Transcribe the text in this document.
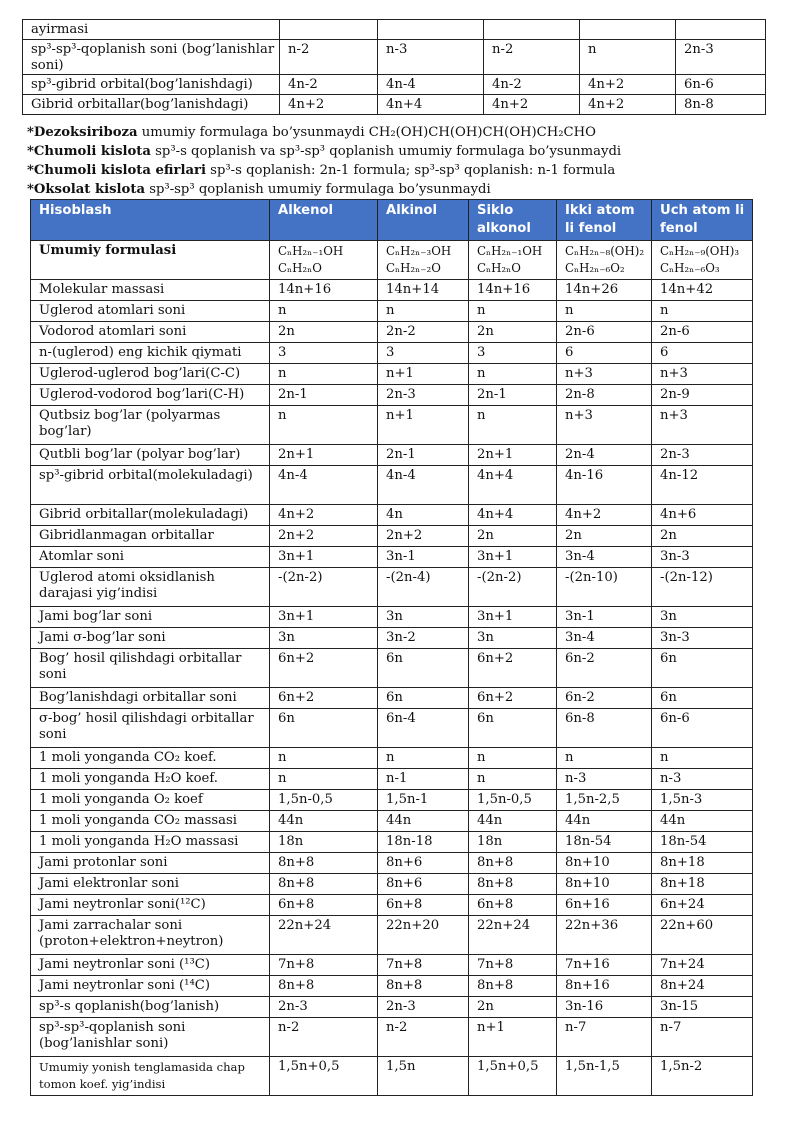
ayirmasi					
sp³-sp³-qoplanish soni (bog’lanishlar soni)	n-2	n-3	n-2	n	2n-3
sp³-gibrid orbital(bog’lanishdagi)	4n-2	4n-4	4n-2	4n+2	6n-6
Gibrid orbitallar(bog’lanishdagi)	4n+2	4n+4	4n+2	4n+2	8n-8
*Dezoksiriboza umumiy formulaga bo’ysunmaydi CH₂(OH)CH(OH)CH(OH)CH₂CHO
*Chumoli kislota sp³-s qoplanish va sp³-sp³ qoplanish umumiy formulaga bo’ysunmaydi
*Chumoli kislota efirlari sp³-s qoplanish: 2n-1 formula; sp³-sp³ qoplanish: n-1 formula
*Oksolat kislota sp³-sp³ qoplanish umumiy formulaga bo’ysunmaydi
Hisoblash	Alkenol	Alkinol	Siklo alkonol	Ikki atom li fenol	Uch atom li fenol
Umumiy formulasi	CₙH₂ₙ₋₁OH CₙH₂ₙO	CₙH₂ₙ₋₃OH CₙH₂ₙ₋₂O	CₙH₂ₙ₋₁OH CₙH₂ₙO	CₙH₂ₙ₋₈(OH)₂ CₙH₂ₙ₋₆O₂	CₙH₂ₙ₋₉(OH)₃ CₙH₂ₙ₋₆O₃
Molekular massasi	14n+16	14n+14	14n+16	14n+26	14n+42
Uglerod atomlari soni	n	n	n	n	n
Vodorod atomlari soni	2n	2n-2	2n	2n-6	2n-6
n-(uglerod) eng kichik qiymati	3	3	3	6	6
Uglerod-uglerod bog’lari(C-C)	n	n+1	n	n+3	n+3
Uglerod-vodorod bog’lari(C-H)	2n-1	2n-3	2n-1	2n-8	2n-9
Qutbsiz bog’lar (polyarmas bog’lar)	n	n+1	n	n+3	n+3
Qutbli bog’lar (polyar bog’lar)	2n+1	2n-1	2n+1	2n-4	2n-3
sp³-gibrid orbital(molekuladagi)	4n-4	4n-4	4n+4	4n-16	4n-12
Gibrid orbitallar(molekuladagi)	4n+2	4n	4n+4	4n+2	4n+6
Gibridlanmagan orbitallar	2n+2	2n+2	2n	2n	2n
Atomlar soni	3n+1	3n-1	3n+1	3n-4	3n-3
Uglerod atomi oksidlanish darajasi yig’indisi	-(2n-2)	-(2n-4)	-(2n-2)	-(2n-10)	-(2n-12)
Jami bog’lar soni	3n+1	3n	3n+1	3n-1	3n
Jami σ-bog’lar soni	3n	3n-2	3n	3n-4	3n-3
Bog’ hosil qilishdagi orbitallar soni	6n+2	6n	6n+2	6n-2	6n
Bog’lanishdagi orbitallar soni	6n+2	6n	6n+2	6n-2	6n
σ-bog’ hosil qilishdagi orbitallar soni	6n	6n-4	6n	6n-8	6n-6
1 moli yonganda CO₂ koef.	n	n	n	n	n
1 moli yonganda H₂O koef.	n	n-1	n	n-3	n-3
1 moli yonganda O₂ koef	1,5n-0,5	1,5n-1	1,5n-0,5	1,5n-2,5	1,5n-3
1 moli yonganda CO₂ massasi	44n	44n	44n	44n	44n
1 moli yonganda H₂O massasi	18n	18n-18	18n	18n-54	18n-54
Jami protonlar soni	8n+8	8n+6	8n+8	8n+10	8n+18
Jami elektronlar soni	8n+8	8n+6	8n+8	8n+10	8n+18
Jami neytronlar soni(¹²C)	6n+8	6n+8	6n+8	6n+16	6n+24
Jami zarrachalar soni (proton+elektron+neytron)	22n+24	22n+20	22n+24	22n+36	22n+60
Jami neytronlar soni (¹³C)	7n+8	7n+8	7n+8	7n+16	7n+24
Jami neytronlar soni (¹⁴C)	8n+8	8n+8	8n+8	8n+16	8n+24
sp³-s qoplanish(bog’lanish)	2n-3	2n-3	2n	3n-16	3n-15
sp³-sp³-qoplanish soni (bog’lanishlar soni)	n-2	n-2	n+1	n-7	n-7
Umumiy yonish tenglamasida chap tomon koef. yig’indisi	1,5n+0,5	1,5n	1,5n+0,5	1,5n-1,5	1,5n-2
